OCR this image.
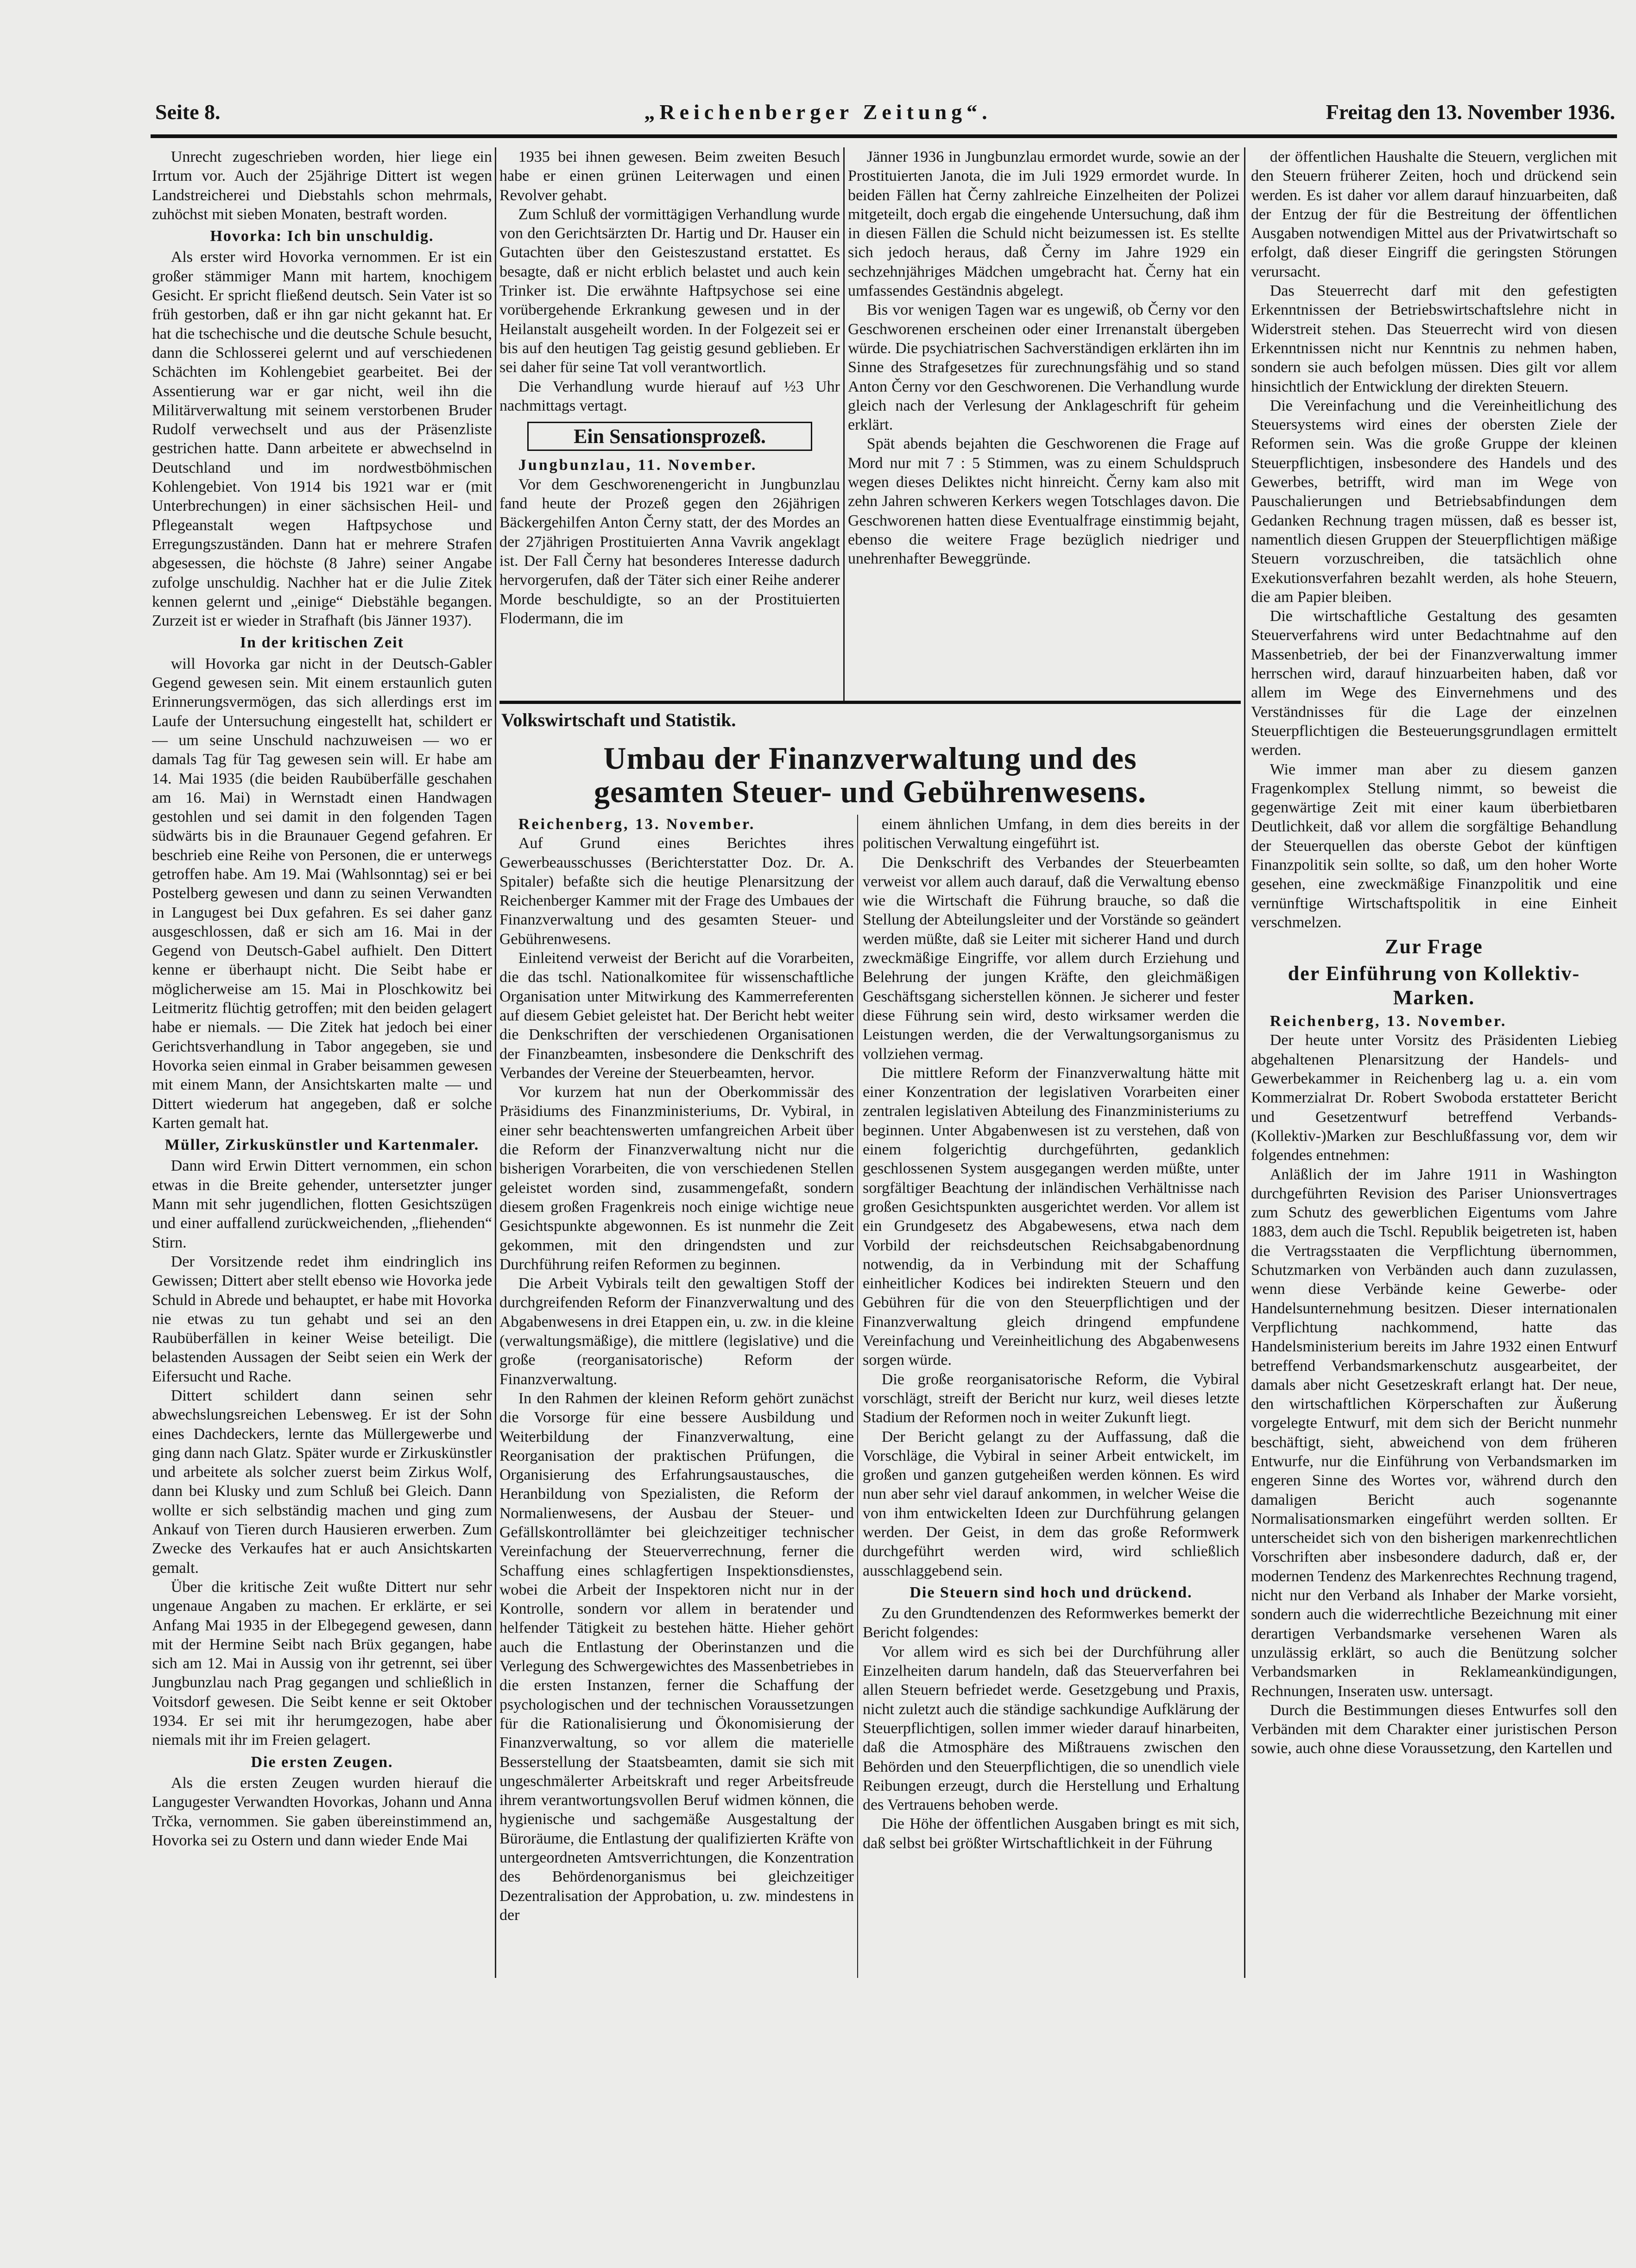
Seite 8.	„Reichenberger Zeitung“.	Freitag den 13. November 1936.

Unrecht zugeschrieben worden, hier liege ein Irrtum vor. Auch der 25jährige Dittert ist wegen Landstreicherei und Diebstahls schon mehrmals, zuhöchst mit sieben Monaten, bestraft worden.

Hovorka: Ich bin unschuldig.

Als erster wird Hovorka vernommen. Er ist ein großer stämmiger Mann mit hartem, knochigem Gesicht. Er spricht fließend deutsch. Sein Vater ist so früh gestorben, daß er ihn gar nicht gekannt hat. Er hat die tschechische und die deutsche Schule besucht, dann die Schlosserei gelernt und auf verschiedenen Schächten im Kohlengebiet gearbeitet. Bei der Assentierung war er gar nicht, weil ihn die Militärverwaltung mit seinem verstorbenen Bruder Rudolf verwechselt und aus der Präsenzliste gestrichen hatte. Dann arbeitete er abwechselnd in Deutschland und im nordwestböhmischen Kohlengebiet. Von 1914 bis 1921 war er (mit Unterbrechungen) in einer sächsischen Heil- und Pflegeanstalt wegen Haftpsychose und Erregungszuständen. Dann hat er mehrere Strafen abgesessen, die höchste (8 Jahre) seiner Angabe zufolge unschuldig. Nachher hat er die Julie Zitek kennen gelernt und „einige“ Diebstähle begangen. Zurzeit ist er wieder in Strafhaft (bis Jänner 1937).

In der kritischen Zeit

will Hovorka gar nicht in der Deutsch-Gabler Gegend gewesen sein. Mit einem erstaunlich guten Erinnerungsvermögen, das sich allerdings erst im Laufe der Untersuchung eingestellt hat, schildert er — um seine Unschuld nachzuweisen — wo er damals Tag für Tag gewesen sein will. Er habe am 14. Mai 1935 (die beiden Raubüberfälle geschahen am 16. Mai) in Wernstadt einen Handwagen gestohlen und sei damit in den folgenden Tagen südwärts bis in die Braunauer Gegend gefahren. Er beschrieb eine Reihe von Personen, die er unterwegs getroffen habe. Am 19. Mai (Wahlsonntag) sei er bei Postelberg gewesen und dann zu seinen Verwandten in Langugest bei Dux gefahren. Es sei daher ganz ausgeschlossen, daß er sich am 16. Mai in der Gegend von Deutsch-Gabel aufhielt. Den Dittert kenne er überhaupt nicht. Die Seibt habe er möglicherweise am 15. Mai in Ploschkowitz bei Leitmeritz flüchtig getroffen; mit den beiden gelagert habe er niemals. — Die Zitek hat jedoch bei einer Gerichtsverhandlung in Tabor angegeben, sie und Hovorka seien einmal in Graber beisammen gewesen mit einem Mann, der Ansichtskarten malte — und Dittert wiederum hat angegeben, daß er solche Karten gemalt hat.

Müller, Zirkuskünstler und Kartenmaler.

Dann wird Erwin Dittert vernommen, ein schon etwas in die Breite gehender, untersetzter junger Mann mit sehr jugendlichen, flotten Gesichtszügen und einer auffallend zurückweichenden, „fliehenden“ Stirn.

Der Vorsitzende redet ihm eindringlich ins Gewissen; Dittert aber stellt ebenso wie Hovorka jede Schuld in Abrede und behauptet, er habe mit Hovorka nie etwas zu tun gehabt und sei an den Raubüberfällen in keiner Weise beteiligt. Die belastenden Aussagen der Seibt seien ein Werk der Eifersucht und Rache.

Dittert schildert dann seinen sehr abwechslungsreichen Lebensweg. Er ist der Sohn eines Dachdeckers, lernte das Müllergewerbe und ging dann nach Glatz. Später wurde er Zirkuskünstler und arbeitete als solcher zuerst beim Zirkus Wolf, dann bei Klusky und zum Schluß bei Gleich. Dann wollte er sich selbständig machen und ging zum Ankauf von Tieren durch Hausieren erwerben. Zum Zwecke des Verkaufes hat er auch Ansichtskarten gemalt.

Über die kritische Zeit wußte Dittert nur sehr ungenaue Angaben zu machen. Er erklärte, er sei Anfang Mai 1935 in der Elbegegend gewesen, dann mit der Hermine Seibt nach Brüx gegangen, habe sich am 12. Mai in Aussig von ihr getrennt, sei über Jungbunzlau nach Prag gegangen und schließlich in Voitsdorf gewesen. Die Seibt kenne er seit Oktober 1934. Er sei mit ihr herumgezogen, habe aber niemals mit ihr im Freien gelagert.

Die ersten Zeugen.

Als die ersten Zeugen wurden hierauf die Langugester Verwandten Hovorkas, Johann und Anna Trčka, vernommen. Sie gaben übereinstimmend an, Hovorka sei zu Ostern und dann wieder Ende Mai

1935 bei ihnen gewesen. Beim zweiten Besuch habe er einen grünen Leiterwagen und einen Revolver gehabt.

Zum Schluß der vormittägigen Verhandlung wurde von den Gerichtsärzten Dr. Hartig und Dr. Hauser ein Gutachten über den Geisteszustand erstattet. Es besagte, daß er nicht erblich belastet und auch kein Trinker ist. Die erwähnte Haftpsychose sei eine vorübergehende Erkrankung gewesen und in der Heilanstalt ausgeheilt worden. In der Folgezeit sei er bis auf den heutigen Tag geistig gesund geblieben. Er sei daher für seine Tat voll verantwortlich.

Die Verhandlung wurde hierauf auf ½3 Uhr nachmittags vertagt.

Ein Sensationsprozeß.
Jungbunzlau, 11. November.

Vor dem Geschworenengericht in Jungbunzlau fand heute der Prozeß gegen den 26jährigen Bäckergehilfen Anton Černy statt, der des Mordes an der 27jährigen Prostituierten Anna Vavrik angeklagt ist. Der Fall Černy hat besonderes Interesse dadurch hervorgerufen, daß der Täter sich einer Reihe anderer Morde beschuldigte, so an der Prostituierten Flodermann, die im

Jänner 1936 in Jungbunzlau ermordet wurde, sowie an der Prostituierten Janota, die im Juli 1929 ermordet wurde. In beiden Fällen hat Černy zahlreiche Einzelheiten der Polizei mitgeteilt, doch ergab die eingehende Untersuchung, daß ihm in diesen Fällen die Schuld nicht beizumessen ist. Es stellte sich jedoch heraus, daß Černy im Jahre 1929 ein sechzehnjähriges Mädchen umgebracht hat. Černy hat ein umfassendes Geständnis abgelegt.

Bis vor wenigen Tagen war es ungewiß, ob Černy vor den Geschworenen erscheinen oder einer Irrenanstalt übergeben würde. Die psychiatrischen Sachverständigen erklärten ihn im Sinne des Strafgesetzes für zurechnungsfähig und so stand Anton Černy vor den Geschworenen. Die Verhandlung wurde gleich nach der Verlesung der Anklageschrift für geheim erklärt.

Spät abends bejahten die Geschworenen die Frage auf Mord nur mit 7 : 5 Stimmen, was zu einem Schuldspruch wegen dieses Deliktes nicht hinreicht. Černy kam also mit zehn Jahren schweren Kerkers wegen Totschlages davon. Die Geschworenen hatten diese Eventualfrage einstimmig bejaht, ebenso die weitere Frage bezüglich niedriger und unehrenhafter Beweggründe.

Volkswirtschaft und Statistik.
Umbau der Finanzverwaltung und des
gesamten Steuer- und Gebührenwesens.
Reichenberg, 13. November.

Auf Grund eines Berichtes ihres Gewerbeausschusses (Berichterstatter Doz. Dr. A. Spitaler) befaßte sich die heutige Plenarsitzung der Reichenberger Kammer mit der Frage des Umbaues der Finanzverwaltung und des gesamten Steuer- und Gebührenwesens.

Einleitend verweist der Bericht auf die Vorarbeiten, die das tschl. Nationalkomitee für wissenschaftliche Organisation unter Mitwirkung des Kammerreferenten auf diesem Gebiet geleistet hat. Der Bericht hebt weiter die Denkschriften der verschiedenen Organisationen der Finanzbeamten, insbesondere die Denkschrift des Verbandes der Vereine der Steuerbeamten, hervor.

Vor kurzem hat nun der Oberkommissär des Präsidiums des Finanzministeriums, Dr. Vybiral, in einer sehr beachtenswerten umfangreichen Arbeit über die Reform der Finanzverwaltung nicht nur die bisherigen Vorarbeiten, die von verschiedenen Stellen geleistet worden sind, zusammengefaßt, sondern diesem großen Fragenkreis noch einige wichtige neue Gesichtspunkte abgewonnen. Es ist nunmehr die Zeit gekommen, mit den dringendsten und zur Durchführung reifen Reformen zu beginnen.

Die Arbeit Vybirals teilt den gewaltigen Stoff der durchgreifenden Reform der Finanzverwaltung und des Abgabenwesens in drei Etappen ein, u. zw. in die kleine (verwaltungsmäßige), die mittlere (legislative) und die große (reorganisatorische) Reform der Finanzverwaltung.

In den Rahmen der kleinen Reform gehört zunächst die Vorsorge für eine bessere Ausbildung und Weiterbildung der Finanzverwaltung, eine Reorganisation der praktischen Prüfungen, die Organisierung des Erfahrungsaustausches, die Heranbildung von Spezialisten, die Reform der Normalienwesens, der Ausbau der Steuer- und Gefällskontrollämter bei gleichzeitiger technischer Vereinfachung der Steuerverrechnung, ferner die Schaffung eines schlagfertigen Inspektionsdienstes, wobei die Arbeit der Inspektoren nicht nur in der Kontrolle, sondern vor allem in beratender und helfender Tätigkeit zu bestehen hätte. Hieher gehört auch die Entlastung der Oberinstanzen und die Verlegung des Schwergewichtes des Massenbetriebes in die ersten Instanzen, ferner die Schaffung der psychologischen und der technischen Voraussetzungen für die Rationalisierung und Ökonomisierung der Finanzverwaltung, so vor allem die materielle Besserstellung der Staatsbeamten, damit sie sich mit ungeschmälerter Arbeitskraft und reger Arbeitsfreude ihrem verantwortungsvollen Beruf widmen können, die hygienische und sachgemäße Ausgestaltung der Büroräume, die Entlastung der qualifizierten Kräfte von untergeordneten Amtsverrichtungen, die Konzentration des Behördenorganismus bei gleichzeitiger Dezentralisation der Approbation, u. zw. mindestens in der

einem ähnlichen Umfang, in dem dies bereits in der politischen Verwaltung eingeführt ist.

Die Denkschrift des Verbandes der Steuerbeamten verweist vor allem auch darauf, daß die Verwaltung ebenso wie die Wirtschaft die Führung brauche, so daß die Stellung der Abteilungsleiter und der Vorstände so geändert werden müßte, daß sie Leiter mit sicherer Hand und durch zweckmäßige Eingriffe, vor allem durch Erziehung und Belehrung der jungen Kräfte, den gleichmäßigen Geschäftsgang sicherstellen können. Je sicherer und fester diese Führung sein wird, desto wirksamer werden die Leistungen werden, die der Verwaltungsorganismus zu vollziehen vermag.

Die mittlere Reform der Finanzverwaltung hätte mit einer Konzentration der legislativen Vorarbeiten einer zentralen legislativen Abteilung des Finanzministeriums zu beginnen. Unter Abgabenwesen ist zu verstehen, daß von einem folgerichtig durchgeführten, gedanklich geschlossenen System ausgegangen werden müßte, unter sorgfältiger Beachtung der inländischen Verhältnisse nach großen Gesichtspunkten ausgerichtet werden. Vor allem ist ein Grundgesetz des Abgabewesens, etwa nach dem Vorbild der reichsdeutschen Reichsabgabenordnung notwendig, da in Verbindung mit der Schaffung einheitlicher Kodices bei indirekten Steuern und den Gebühren für die von den Steuerpflichtigen und der Finanzverwaltung gleich dringend empfundene Vereinfachung und Vereinheitlichung des Abgabenwesens sorgen würde.

Die große reorganisatorische Reform, die Vybiral vorschlägt, streift der Bericht nur kurz, weil dieses letzte Stadium der Reformen noch in weiter Zukunft liegt.

Der Bericht gelangt zu der Auffassung, daß die Vorschläge, die Vybiral in seiner Arbeit entwickelt, im großen und ganzen gutgeheißen werden können. Es wird nun aber sehr viel darauf ankommen, in welcher Weise die von ihm entwickelten Ideen zur Durchführung gelangen werden. Der Geist, in dem das große Reformwerk durchgeführt werden wird, wird schließlich ausschlaggebend sein.

Die Steuern sind hoch und drückend.

Zu den Grundtendenzen des Reformwerkes bemerkt der Bericht folgendes:

Vor allem wird es sich bei der Durchführung aller Einzelheiten darum handeln, daß das Steuerverfahren bei allen Steuern befriedet werde. Gesetzgebung und Praxis, nicht zuletzt auch die ständige sachkundige Aufklärung der Steuerpflichtigen, sollen immer wieder darauf hinarbeiten, daß die Atmosphäre des Mißtrauens zwischen den Behörden und den Steuerpflichtigen, die so unendlich viele Reibungen erzeugt, durch die Herstellung und Erhaltung des Vertrauens behoben werde.

Die Höhe der öffentlichen Ausgaben bringt es mit sich, daß selbst bei größter Wirtschaftlichkeit in der Führung

der öffentlichen Haushalte die Steuern, verglichen mit den Steuern früherer Zeiten, hoch und drückend sein werden. Es ist daher vor allem darauf hinzuarbeiten, daß der Entzug der für die Bestreitung der öffentlichen Ausgaben notwendigen Mittel aus der Privatwirtschaft so erfolgt, daß dieser Eingriff die geringsten Störungen verursacht.

Das Steuerrecht darf mit den gefestigten Erkenntnissen der Betriebswirtschaftslehre nicht in Widerstreit stehen. Das Steuerrecht wird von diesen Erkenntnissen nicht nur Kenntnis zu nehmen haben, sondern sie auch befolgen müssen. Dies gilt vor allem hinsichtlich der Entwicklung der direkten Steuern.

Die Vereinfachung und die Vereinheitlichung des Steuersystems wird eines der obersten Ziele der Reformen sein. Was die große Gruppe der kleinen Steuerpflichtigen, insbesondere des Handels und des Gewerbes, betrifft, wird man im Wege von Pauschalierungen und Betriebsabfindungen dem Gedanken Rechnung tragen müssen, daß es besser ist, namentlich diesen Gruppen der Steuerpflichtigen mäßige Steuern vorzuschreiben, die tatsächlich ohne Exekutionsverfahren bezahlt werden, als hohe Steuern, die am Papier bleiben.

Die wirtschaftliche Gestaltung des gesamten Steuerverfahrens wird unter Bedachtnahme auf den Massenbetrieb, der bei der Finanzverwaltung immer herrschen wird, darauf hinzuarbeiten haben, daß vor allem im Wege des Einvernehmens und des Verständnisses für die Lage der einzelnen Steuerpflichtigen die Besteuerungsgrundlagen ermittelt werden.

Wie immer man aber zu diesem ganzen Fragenkomplex Stellung nimmt, so beweist die gegenwärtige Zeit mit einer kaum überbietbaren Deutlichkeit, daß vor allem die sorgfältige Behandlung der Steuerquellen das oberste Gebot der künftigen Finanzpolitik sein sollte, so daß, um den hoher Worte gesehen, eine zweckmäßige Finanzpolitik und eine vernünftige Wirtschaftspolitik in eine Einheit verschmelzen.

Zur Frage
der Einführung von Kollektiv-Marken.
Reichenberg, 13. November.

Der heute unter Vorsitz des Präsidenten Liebieg abgehaltenen Plenarsitzung der Handels- und Gewerbekammer in Reichenberg lag u. a. ein vom Kommerzialrat Dr. Robert Swoboda erstatteter Bericht und Gesetzentwurf betreffend Verbands-(Kollektiv-)Marken zur Beschlußfassung vor, dem wir folgendes entnehmen:

Anläßlich der im Jahre 1911 in Washington durchgeführten Revision des Pariser Unionsvertrages zum Schutz des gewerblichen Eigentums vom Jahre 1883, dem auch die Tschl. Republik beigetreten ist, haben die Vertragsstaaten die Verpflichtung übernommen, Schutzmarken von Verbänden auch dann zuzulassen, wenn diese Verbände keine Gewerbe- oder Handelsunternehmung besitzen. Dieser internationalen Verpflichtung nachkommend, hatte das Handelsministerium bereits im Jahre 1932 einen Entwurf betreffend Verbandsmarkenschutz ausgearbeitet, der damals aber nicht Gesetzeskraft erlangt hat. Der neue, den wirtschaftlichen Körperschaften zur Äußerung vorgelegte Entwurf, mit dem sich der Bericht nunmehr beschäftigt, sieht, abweichend von dem früheren Entwurfe, nur die Einführung von Verbandsmarken im engeren Sinne des Wortes vor, während durch den damaligen Bericht auch sogenannte Normalisationsmarken eingeführt werden sollten. Er unterscheidet sich von den bisherigen markenrechtlichen Vorschriften aber insbesondere dadurch, daß er, der modernen Tendenz des Markenrechtes Rechnung tragend, nicht nur den Verband als Inhaber der Marke vorsieht, sondern auch die widerrechtliche Bezeichnung mit einer derartigen Verbandsmarke versehenen Waren als unzulässig erklärt, so auch die Benützung solcher Verbandsmarken in Reklameankündigungen, Rechnungen, Inseraten usw. untersagt.

Durch die Bestimmungen dieses Entwurfes soll den Verbänden mit dem Charakter einer juristischen Person sowie, auch ohne diese Voraussetzung, den Kartellen und
